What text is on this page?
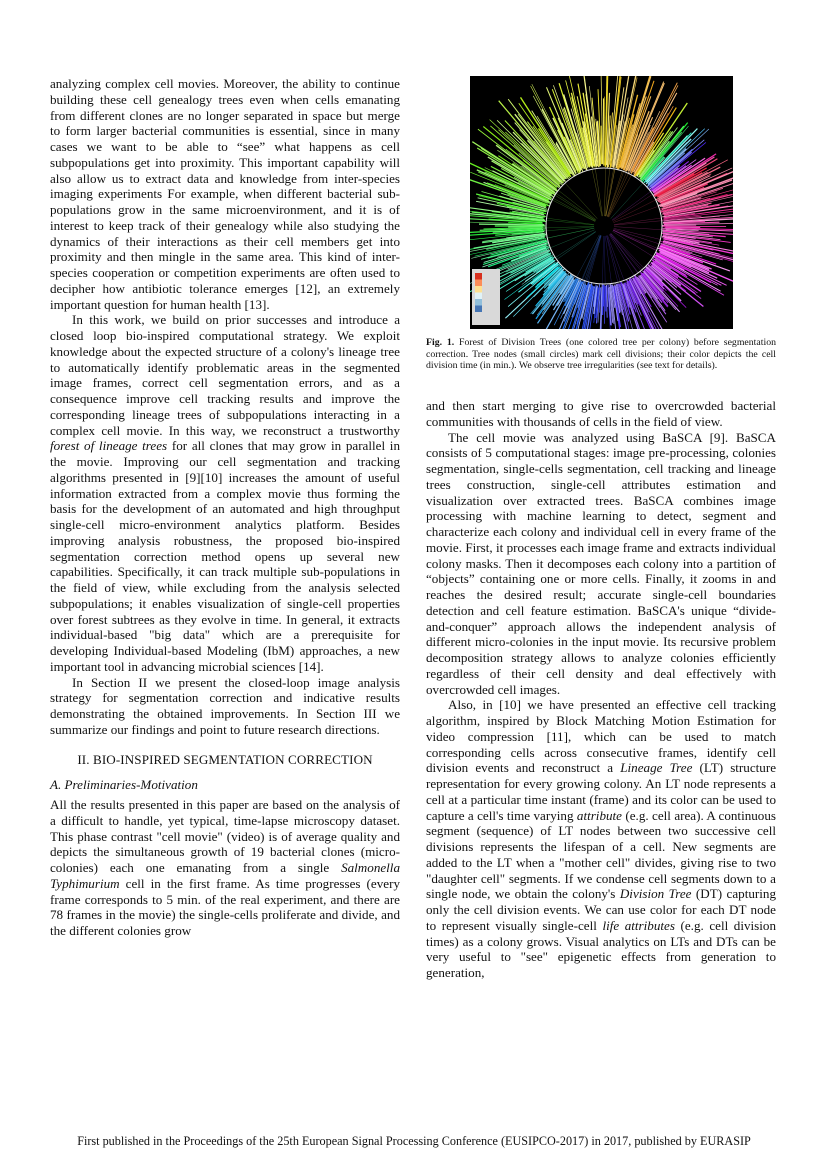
analyzing complex cell movies. Moreover, the ability to continue building these cell genealogy trees even when cells emanating from different clones are no longer separated in space but merge to form larger bacterial communities is essential, since in many cases we want to be able to “see” what happens as cell subpopulations get into proximity. This important capability will also allow us to extract data and knowledge from inter-species imaging experiments For example, when different bacterial sub-populations grow in the same microenvironment, and it is of interest to keep track of their genealogy while also studying the dynamics of their interactions as their cell members get into proximity and then mingle in the same area. This kind of inter-species cooperation or competition experiments are often used to decipher how antibiotic tolerance emerges [12], an extremely important question for human health [13].

In this work, we build on prior successes and introduce a closed loop bio-inspired computational strategy. We exploit knowledge about the expected structure of a colony's lineage tree to automatically identify problematic areas in the segmented image frames, correct cell segmentation errors, and as a consequence improve cell tracking results and improve the corresponding lineage trees of subpopulations interacting in a complex cell movie. In this way, we reconstruct a trustworthy forest of lineage trees for all clones that may grow in parallel in the movie. Improving our cell segmentation and tracking algorithms presented in [9][10] increases the amount of useful information extracted from a complex movie thus forming the basis for the development of an automated and high throughput single-cell micro-environment analytics platform. Besides improving analysis robustness, the proposed bio-inspired segmentation correction method opens up several new capabilities. Specifically, it can track multiple sub-populations in the field of view, while excluding from the analysis selected subpopulations; it enables visualization of single-cell properties over forest subtrees as they evolve in time. In general, it extracts individual-based "big data" which are a prerequisite for developing Individual-based Modeling (IbM) approaches, a new important tool in advancing microbial sciences [14].

In Section II we present the closed-loop image analysis strategy for segmentation correction and indicative results demonstrating the obtained improvements. In Section III we summarize our findings and point to future research directions.

II. BIO-INSPIRED SEGMENTATION CORRECTION
A. Preliminaries-Motivation

All the results presented in this paper are based on the analysis of a difficult to handle, yet typical, time-lapse microscopy dataset. This phase contrast "cell movie" (video) is of average quality and depicts the simultaneous growth of 19 bacterial clones (micro-colonies) each one emanating from a single Salmonella Typhimurium cell in the first frame. As time progresses (every frame corresponds to 5 min. of the real experiment, and there are 78 frames in the movie) the single-cells proliferate and divide, and the different colonies grow

Fig. 1. Forest of Division Trees (one colored tree per colony) before segmentation correction. Tree nodes (small circles) mark cell divisions; their color depicts the cell division time (in min.). We observe tree irregularities (see text for details).

and then start merging to give rise to overcrowded bacterial communities with thousands of cells in the field of view.

The cell movie was analyzed using BaSCA [9]. BaSCA consists of 5 computational stages: image pre-processing, colonies segmentation, single-cells segmentation, cell tracking and lineage trees construction, single-cell attributes estimation and visualization over extracted trees. BaSCA combines image processing with machine learning to detect, segment and characterize each colony and individual cell in every frame of the movie. First, it processes each image frame and extracts individual colony masks. Then it decomposes each colony into a partition of “objects” containing one or more cells. Finally, it zooms in and reaches the desired result; accurate single-cell boundaries detection and cell feature estimation. BaSCA's unique “divide-and-conquer” approach allows the independent analysis of different micro-colonies in the input movie. Its recursive problem decomposition strategy allows to analyze colonies efficiently regardless of their cell density and deal effectively with overcrowded cell images.

Also, in [10] we have presented an effective cell tracking algorithm, inspired by Block Matching Motion Estimation for video compression [11], which can be used to match corresponding cells across consecutive frames, identify cell division events and reconstruct a Lineage Tree (LT) structure representation for every growing colony. An LT node represents a cell at a particular time instant (frame) and its color can be used to capture a cell's time varying attribute (e.g. cell area). A continuous segment (sequence) of LT nodes between two successive cell divisions represents the lifespan of a cell. New segments are added to the LT when a "mother cell" divides, giving rise to two "daughter cell" segments. If we condense cell segments down to a single node, we obtain the colony's Division Tree (DT) capturing only the cell division events. We can use color for each DT node to represent visually single-cell life attributes (e.g. cell division times) as a colony grows. Visual analytics on LTs and DTs can be very useful to "see" epigenetic effects from generation to generation,

First published in the Proceedings of the 25th European Signal Processing Conference (EUSIPCO-2017) in 2017, published by EURASIP
